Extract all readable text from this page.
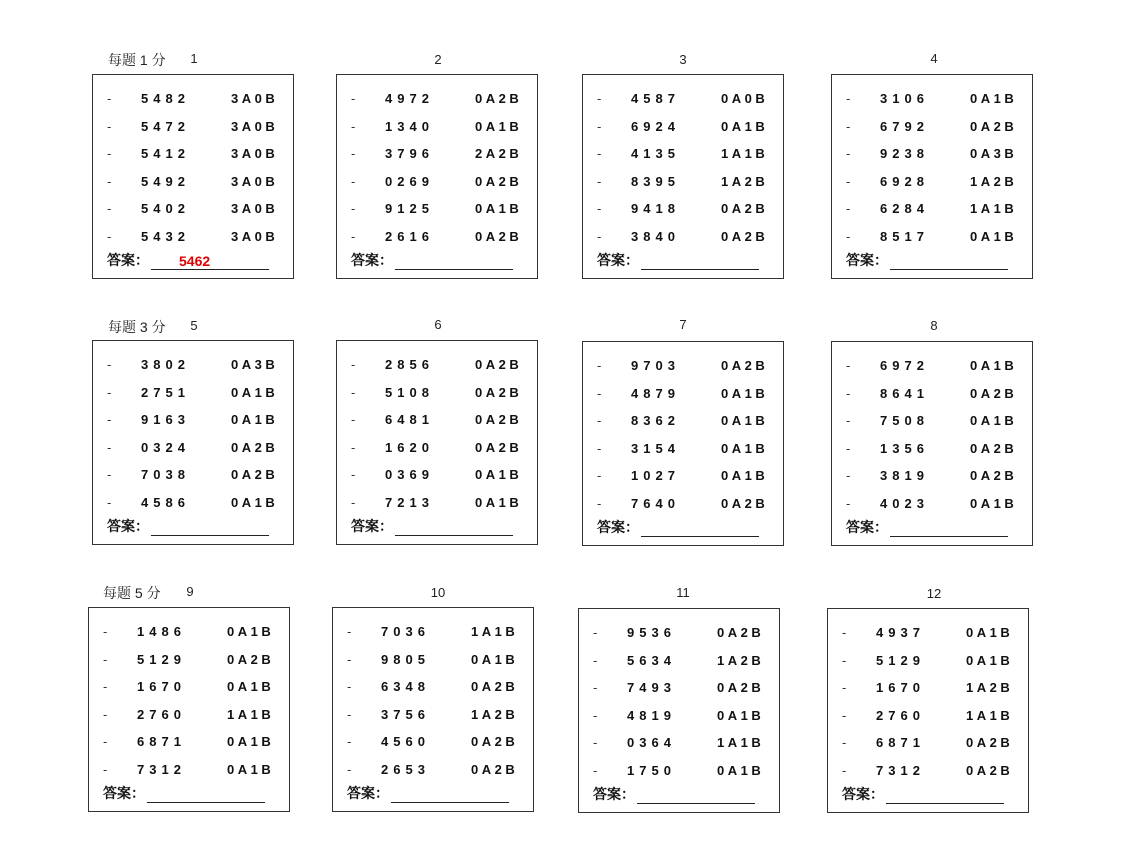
每题 1 分
每题 3 分
每题 5 分
1
- 5482	3A0B
- 5472	3A0B
- 5412	3A0B
- 5492	3A0B
- 5402	3A0B
- 5432	3A0B
答案： 5462
2
- 4972	0A2B
- 1340	0A1B
- 3796	2A2B
- 0269	0A2B
- 9125	0A1B
- 2616	0A2B
答案：
3
- 4587	0A0B
- 6924	0A1B
- 4135	1A1B
- 8395	1A2B
- 9418	0A2B
- 3840	0A2B
答案：
4
- 3106	0A1B
- 6792	0A2B
- 9238	0A3B
- 6928	1A2B
- 6284	1A1B
- 8517	0A1B
答案：
5
- 3802	0A3B
- 2751	0A1B
- 9163	0A1B
- 0324	0A2B
- 7038	0A2B
- 4586	0A1B
答案：
6
- 2856	0A2B
- 5108	0A2B
- 6481	0A2B
- 1620	0A2B
- 0369	0A1B
- 7213	0A1B
答案：
7
- 9703	0A2B
- 4879	0A1B
- 8362	0A1B
- 3154	0A1B
- 1027	0A1B
- 7640	0A2B
答案：
8
- 6972	0A1B
- 8641	0A2B
- 7508	0A1B
- 1356	0A2B
- 3819	0A2B
- 4023	0A1B
答案：
9
- 1486	0A1B
- 5129	0A2B
- 1670	0A1B
- 2760	1A1B
- 6871	0A1B
- 7312	0A1B
答案：
10
- 7036	1A1B
- 9805	0A1B
- 6348	0A2B
- 3756	1A2B
- 4560	0A2B
- 2653	0A2B
答案：
11
- 9536	0A2B
- 5634	1A2B
- 7493	0A2B
- 4819	0A1B
- 0364	1A1B
- 1750	0A1B
答案：
12
- 4937	0A1B
- 5129	0A1B
- 1670	1A2B
- 2760	1A1B
- 6871	0A2B
- 7312	0A2B
答案：
